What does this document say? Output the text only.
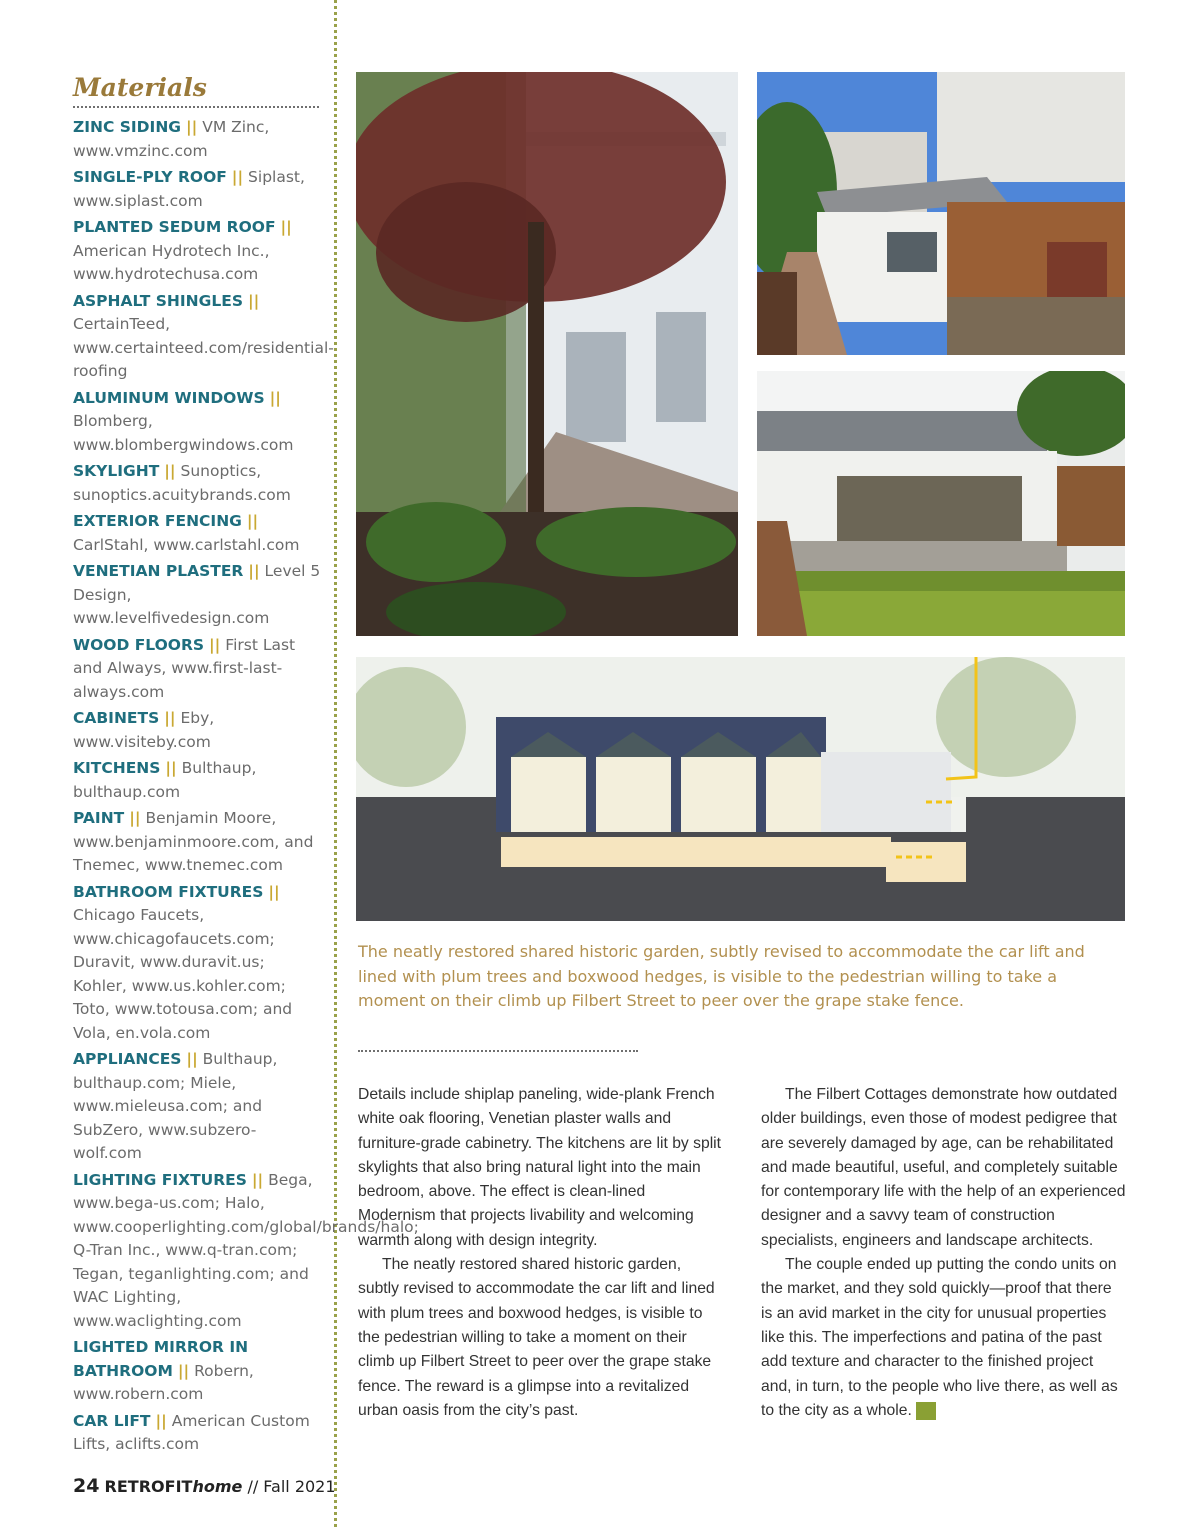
Materials
ZINC SIDING || VM Zinc, www.vmzinc.com
SINGLE-PLY ROOF || Siplast, www.siplast.com
PLANTED SEDUM ROOF || American Hydrotech Inc., www.hydrotechusa.com
ASPHALT SHINGLES || CertainTeed, www.certainteed.com/residential-roofing
ALUMINUM WINDOWS || Blomberg, www.blombergwindows.com
SKYLIGHT || Sunoptics, sunoptics.acuitybrands.com
EXTERIOR FENCING || CarlStahl, www.carlstahl.com
VENETIAN PLASTER || Level 5 Design, www.levelfivedesign.com
WOOD FLOORS || First Last and Always, www.first-last-always.com
CABINETS || Eby, www.visiteby.com
KITCHENS || Bulthaup, bulthaup.com
PAINT || Benjamin Moore, www.benjaminmoore.com, and Tnemec, www.tnemec.com
BATHROOM FIXTURES || Chicago Faucets, www.chicagofaucets.com; Duravit, www.duravit.us; Kohler, www.us.kohler.com; Toto, www.totousa.com; and Vola, en.vola.com
APPLIANCES || Bulthaup, bulthaup.com; Miele, www.mieleusa.com; and SubZero, www.subzero-wolf.com
LIGHTING FIXTURES || Bega, www.bega-us.com; Halo, www.cooperlighting.com/global/brands/halo; Q-Tran Inc., www.q-tran.com; Tegan, teganlighting.com; and WAC Lighting, www.waclighting.com
LIGHTED MIRROR IN BATHROOM || Robern, www.robern.com
CAR LIFT || American Custom Lifts, aclifts.com
The neatly restored shared historic garden, subtly revised to accommodate the car lift and lined with plum trees and boxwood hedges, is visible to the pedestrian willing to take a moment on their climb up Filbert Street to peer over the grape stake fence.

Details include shiplap paneling, wide-plank French white oak flooring, Venetian plaster walls and furniture-grade cabinetry. The kitchens are lit by split skylights that also bring natural light into the main bedroom, above. The effect is clean-lined Modernism that projects livability and welcoming warmth along with design integrity.

The neatly restored shared historic garden, subtly revised to accommodate the car lift and lined with plum trees and boxwood hedges, is visible to the pedestrian willing to take a moment on their climb up Filbert Street to peer over the grape stake fence. The reward is a glimpse into a revitalized urban oasis from the city’s past.

The Filbert Cottages demonstrate how outdated older buildings, even those of modest pedigree that are severely damaged by age, can be rehabilitated and made beautiful, useful, and completely suitable for contemporary life with the help of an experienced designer and a savvy team of construction specialists, engineers and landscape architects.

The couple ended up putting the condo units on the market, and they sold quickly—proof that there is an avid market in the city for unusual properties like this. The imperfections and patina of the past add texture and character to the finished project and, in turn, to the people who live there, as well as to the city as a whole. ✓

24 RETROFIThome // Fall 2021
